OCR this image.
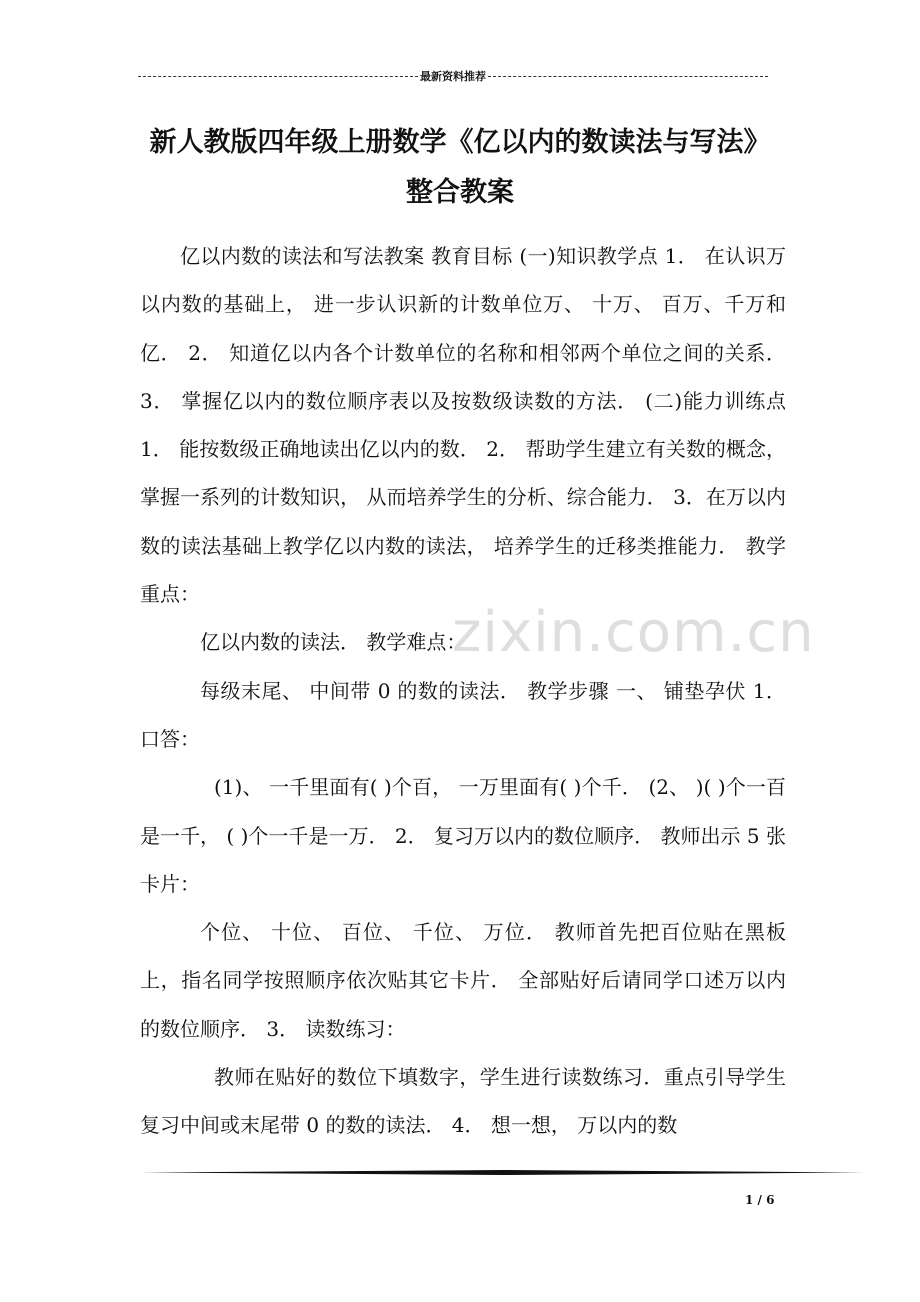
最新资料推荐
新人教版四年级上册数学《亿以内的数读法与写法》
整合教案
zixin.com.cn

亿以内数的读法和写法教案 教育目标 (一)知识教学点 1． 在认识万以内数的基础上， 进一步认识新的计数单位万、 十万、 百万、千万和亿． 2． 知道亿以内各个计数单位的名称和相邻两个单位之间的关系． 3． 掌握亿以内的数位顺序表以及按数级读数的方法． (二)能力训练点 1． 能按数级正确地读出亿以内的数． 2． 帮助学生建立有关数的概念， 掌握一系列的计数知识， 从而培养学生的分析、综合能力． 3．在万以内数的读法基础上教学亿以内数的读法， 培养学生的迁移类推能力． 教学重点：

亿以内数的读法． 教学难点：

每级末尾、 中间带 0 的数的读法． 教学步骤 一、 铺垫孕伏 1． 口答：

(1)、 一千里面有( )个百， 一万里面有( )个千． (2、 )( )个一百是一千， ( )个一千是一万． 2． 复习万以内的数位顺序． 教师出示 5 张卡片：

个位、 十位、 百位、 千位、 万位． 教师首先把百位贴在黑板上，指名同学按照顺序依次贴其它卡片． 全部贴好后请同学口述万以内的数位顺序． 3． 读数练习：

教师在贴好的数位下填数字，学生进行读数练习．重点引导学生复习中间或末尾带 0 的数的读法． 4． 想一想， 万以内的数

1 / 6
